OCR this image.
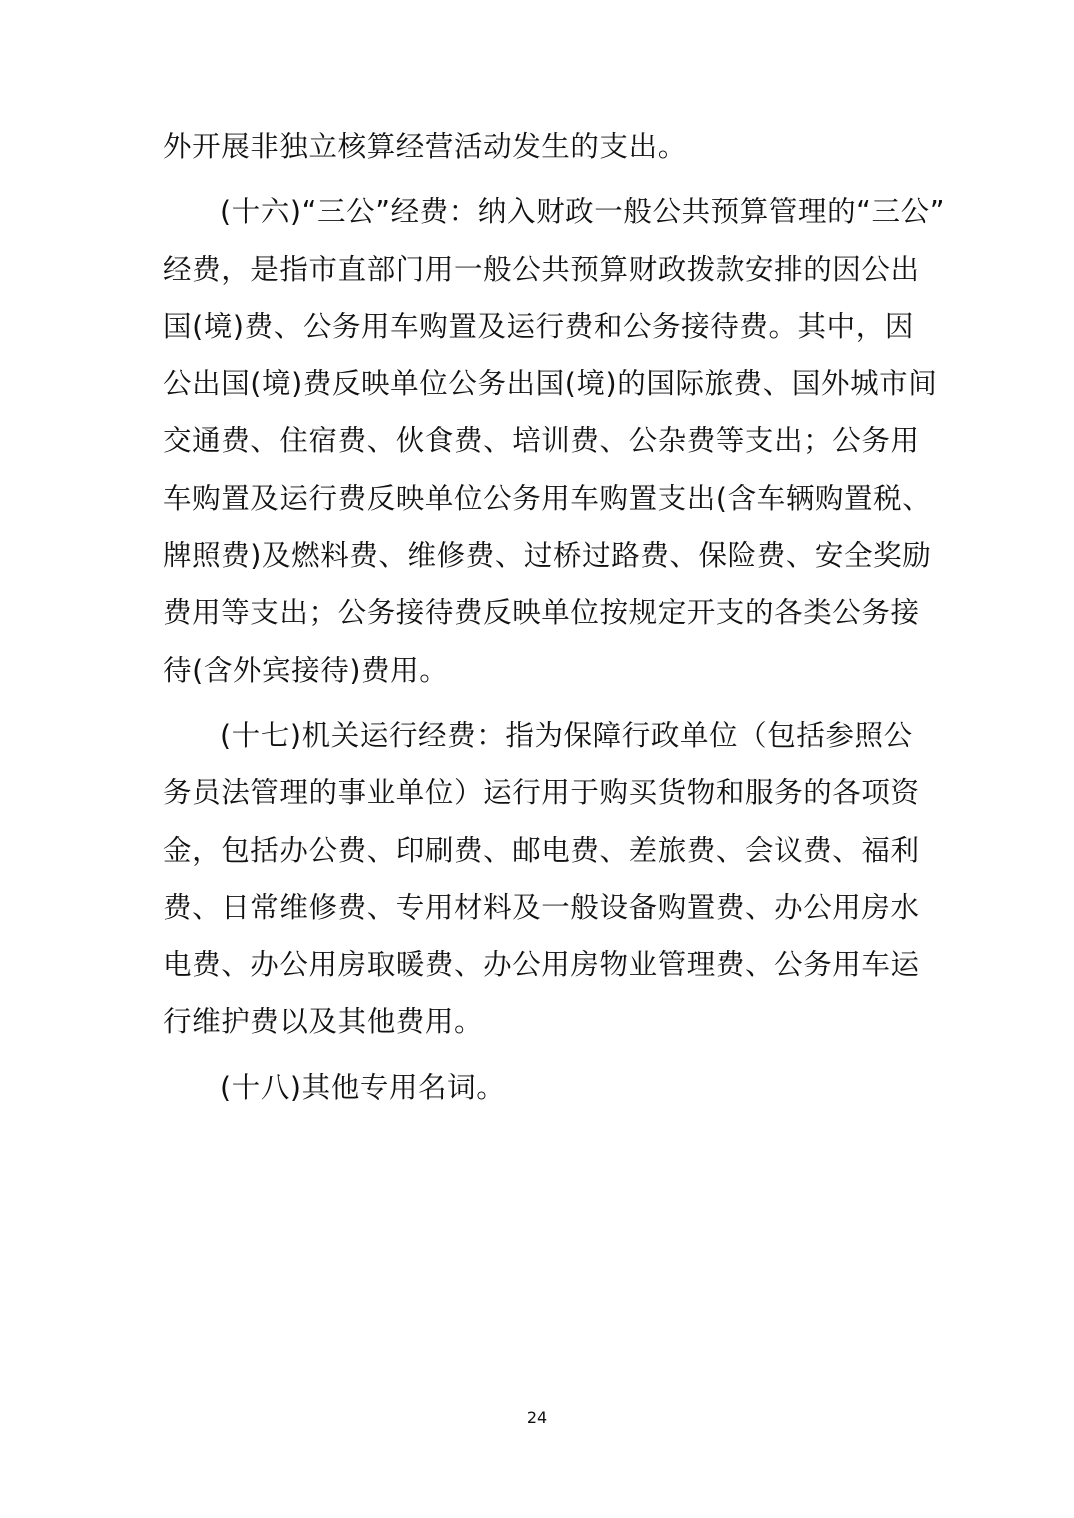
外开展非独立核算经营活动发生的支出。
(十六)“三公”经费：纳入财政一般公共预算管理的“三公”
经费，是指市直部门用一般公共预算财政拨款安排的因公出
国(境)费、公务用车购置及运行费和公务接待费。其中，因
公出国(境)费反映单位公务出国(境)的国际旅费、国外城市间
交通费、住宿费、伙食费、培训费、公杂费等支出；公务用
车购置及运行费反映单位公务用车购置支出(含车辆购置税、
牌照费)及燃料费、维修费、过桥过路费、保险费、安全奖励
费用等支出；公务接待费反映单位按规定开支的各类公务接
待(含外宾接待)费用。
(十七)机关运行经费：指为保障行政单位（包括参照公
务员法管理的事业单位）运行用于购买货物和服务的各项资
金，包括办公费、印刷费、邮电费、差旅费、会议费、福利
费、日常维修费、专用材料及一般设备购置费、办公用房水
电费、办公用房取暖费、办公用房物业管理费、公务用车运
行维护费以及其他费用。
(十八)其他专用名词。
24
